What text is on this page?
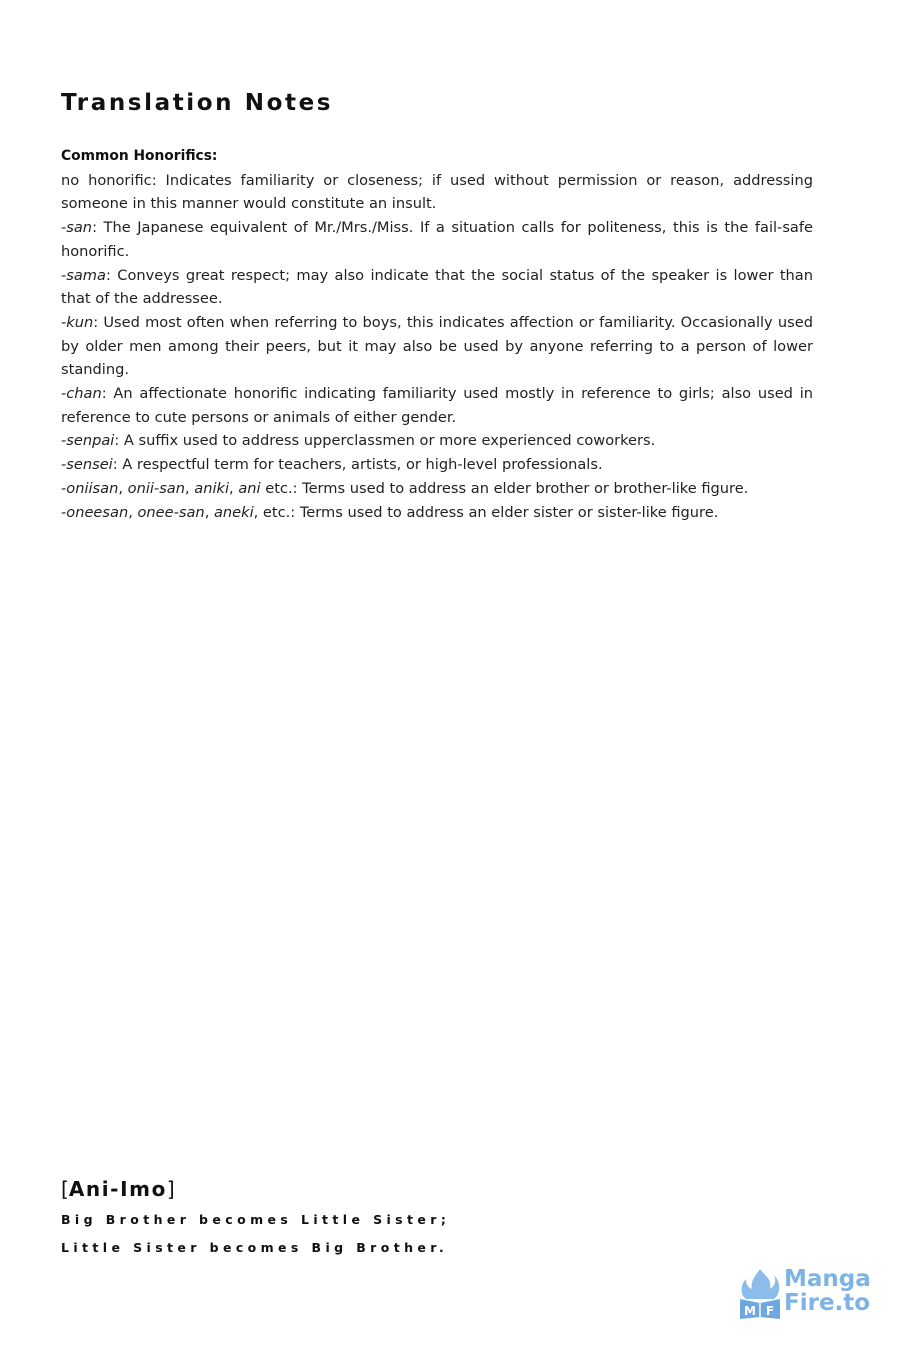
Translation Notes
Common Honorifics:

no honorific: Indicates familiarity or closeness; if used without permission or reason, addressing someone in this manner would constitute an insult.

-san: The Japanese equivalent of Mr./Mrs./Miss. If a situation calls for politeness, this is the fail-safe honorific.

-sama: Conveys great respect; may also indicate that the social status of the speaker is lower than that of the addressee.

-kun: Used most often when referring to boys, this indicates affection or familiarity. Occasionally used by older men among their peers, but it may also be used by anyone referring to a person of lower standing.

-chan: An affectionate honorific indicating familiarity used mostly in reference to girls; also used in reference to cute persons or animals of either gender.

-senpai: A suffix used to address upperclassmen or more experienced coworkers.

-sensei: A respectful term for teachers, artists, or high-level professionals.

-oniisan, onii-san, aniki, ani etc.: Terms used to address an elder brother or brother-like figure.

-oneesan, onee-san, aneki, etc.: Terms used to address an elder sister or sister-like figure.

[Ani-Imo]
Big Brother becomes Little Sister;
Little Sister becomes Big Brother.
M F
Manga
Fire.to
